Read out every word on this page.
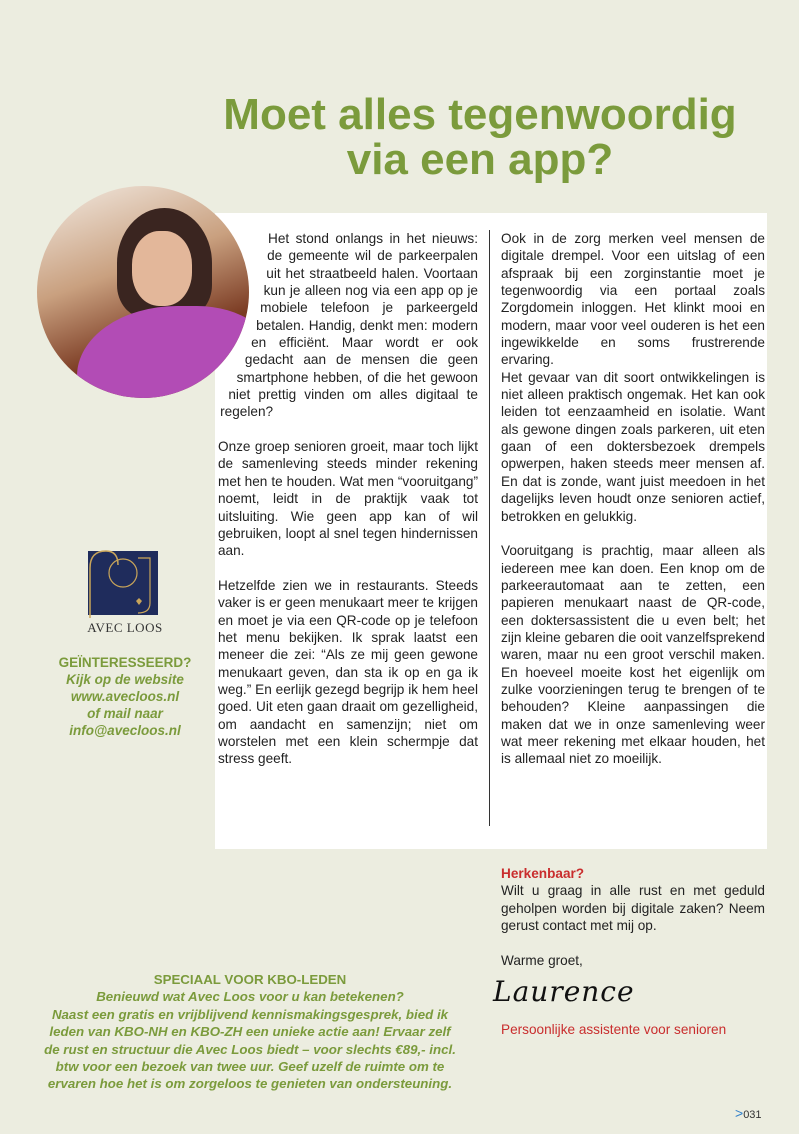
Moet alles tegenwoordig
via een app?

Het stond onlangs in het nieuws: de gemeente wil de parkeerpalen uit het straatbeeld halen. Voortaan kun je alleen nog via een app op je mobiele telefoon je parkeergeld betalen. Handig, denkt men: modern en efficiënt. Maar wordt er ook gedacht aan de mensen die geen smartphone hebben, of die het gewoon niet prettig vinden om alles digitaal te regelen?

Onze groep senioren groeit, maar toch lijkt de samenleving steeds minder rekening met hen te houden. Wat men “vooruitgang” noemt, leidt in de praktijk vaak tot uitsluiting. Wie geen app kan of wil gebruiken, loopt al snel tegen hindernissen aan.

Hetzelfde zien we in restaurants. Steeds vaker is er geen menukaart meer te krijgen en moet je via een QR-code op je telefoon het menu bekijken. Ik sprak laatst een meneer die zei: “Als ze mij geen gewone menukaart geven, dan sta ik op en ga ik weg.” En eerlijk gezegd begrijp ik hem heel goed. Uit eten gaan draait om gezelligheid, om aandacht en samenzijn; niet om worstelen met een klein schermpje dat stress geeft.

Ook in de zorg merken veel mensen de digitale drempel. Voor een uitslag of een afspraak bij een zorginstantie moet je tegenwoordig via een portaal zoals Zorgdomein inloggen. Het klinkt mooi en modern, maar voor veel ouderen is het een ingewikkelde en soms frustrerende ervaring.

Het gevaar van dit soort ontwikkelingen is niet alleen praktisch ongemak. Het kan ook leiden tot eenzaamheid en isolatie. Want als gewone dingen zoals parkeren, uit eten gaan of een doktersbezoek drempels opwerpen, haken steeds meer mensen af. En dat is zonde, want juist meedoen in het dagelijks leven houdt onze senioren actief, betrokken en gelukkig.

Vooruitgang is prachtig, maar alleen als iedereen mee kan doen. Een knop om de parkeerautomaat aan te zetten, een papieren menukaart naast de QR-code, een doktersassistent die u even belt; het zijn kleine gebaren die ooit vanzelfsprekend waren, maar nu een groot verschil maken. En hoeveel moeite kost het eigenlijk om zulke voorzieningen terug te brengen of te behouden? Kleine aanpassingen die maken dat we in onze samenleving weer wat meer rekening met elkaar houden, het is allemaal niet zo moeilijk.

AVEC LOOS
GEÏNTERESSEERD?
Kijk op de website
www.avecloos.nl
of mail naar
info@avecloos.nl
SPECIAAL VOOR KBO-LEDEN
Benieuwd wat Avec Loos voor u kan betekenen?
Naast een gratis en vrijblijvend kennismakingsgesprek, bied ik leden van KBO-NH en KBO-ZH een unieke actie aan! Ervaar zelf de rust en structuur die Avec Loos biedt – voor slechts €89,- incl. btw voor een bezoek van twee uur. Geef uzelf de ruimte om te ervaren hoe het is om zorgeloos te genieten van ondersteuning.
Herkenbaar?
Wilt u graag in alle rust en met geduld geholpen worden bij digitale zaken? Neem gerust contact met mij op.
Warme groet,
Laurence
Persoonlijke assistente voor senioren
>031
